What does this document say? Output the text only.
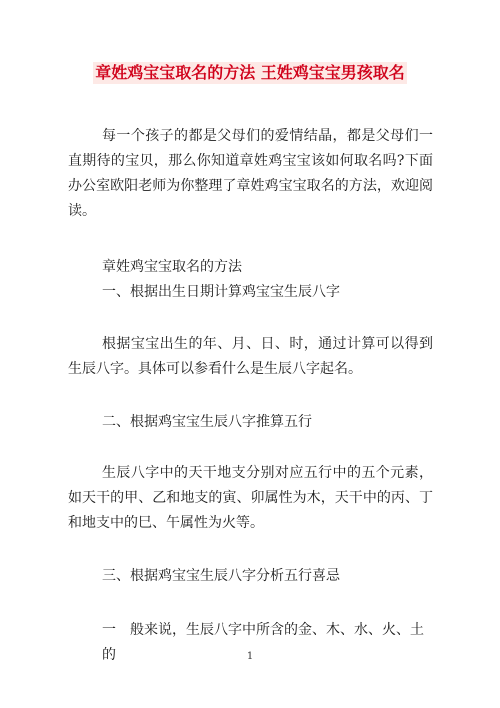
章姓鸡宝宝取名的方法 王姓鸡宝宝男孩取名

每一个孩子的都是父母们的爱情结晶，都是父母们一直期待的宝贝，那么你知道章姓鸡宝宝该如何取名吗?下面办公室欧阳老师为你整理了章姓鸡宝宝取名的方法，欢迎阅读。

章姓鸡宝宝取名的方法

一、根据出生日期计算鸡宝宝生辰八字

根据宝宝出生的年、月、日、时，通过计算可以得到生辰八字。具体可以参看什么是生辰八字起名。

二、根据鸡宝宝生辰八字推算五行

生辰八字中的天干地支分别对应五行中的五个元素，如天干的甲、乙和地支的寅、卯属性为木，天干中的丙、丁和地支中的巳、午属性为火等。

三、根据鸡宝宝生辰八字分析五行喜忌

一　般来说，生辰八字中所含的金、木、水、火、土的	1
